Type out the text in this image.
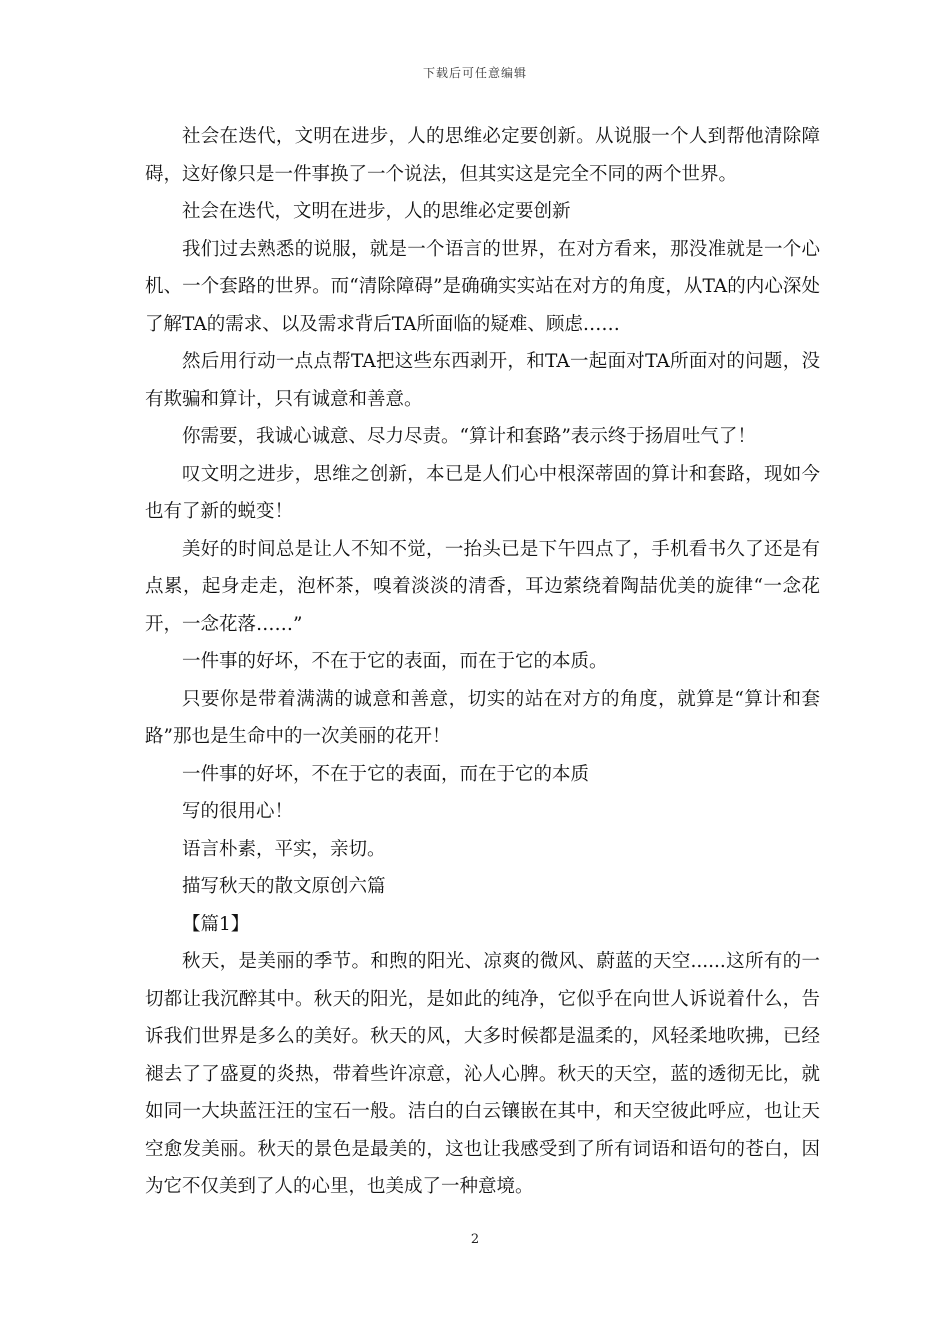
下载后可任意编辑

社会在迭代，文明在进步，人的思维必定要创新。从说服一个人到帮他清除障碍，这好像只是一件事换了一个说法，但其实这是完全不同的两个世界。

社会在迭代，文明在进步，人的思维必定要创新

我们过去熟悉的说服，就是一个语言的世界，在对方看来，那没准就是一个心机、一个套路的世界。而“清除障碍”是确确实实站在对方的角度，从TA的内心深处了解TA的需求、以及需求背后TA所面临的疑难、顾虑……

然后用行动一点点帮TA把这些东西剥开，和TA一起面对TA所面对的问题，没有欺骗和算计，只有诚意和善意。

你需要，我诚心诚意、尽力尽责。“算计和套路”表示终于扬眉吐气了！

叹文明之进步，思维之创新，本已是人们心中根深蒂固的算计和套路，现如今也有了新的蜕变！

美好的时间总是让人不知不觉，一抬头已是下午四点了，手机看书久了还是有点累，起身走走，泡杯茶，嗅着淡淡的清香，耳边萦绕着陶喆优美的旋律“一念花开，一念花落……”

一件事的好坏，不在于它的表面，而在于它的本质。

只要你是带着满满的诚意和善意，切实的站在对方的角度，就算是“算计和套路”那也是生命中的一次美丽的花开！

一件事的好坏，不在于它的表面，而在于它的本质

写的很用心！

语言朴素，平实，亲切。

描写秋天的散文原创六篇

【篇1】

秋天，是美丽的季节。和煦的阳光、凉爽的微风、蔚蓝的天空......这所有的一切都让我沉醉其中。秋天的阳光，是如此的纯净，它似乎在向世人诉说着什么，告诉我们世界是多么的美好。秋天的风，大多时候都是温柔的，风轻柔地吹拂，已经褪去了了盛夏的炎热，带着些许凉意，沁人心脾。秋天的天空，蓝的透彻无比，就如同一大块蓝汪汪的宝石一般。洁白的白云镶嵌在其中，和天空彼此呼应，也让天空愈发美丽。秋天的景色是最美的，这也让我感受到了所有词语和语句的苍白，因为它不仅美到了人的心里，也美成了一种意境。

2
